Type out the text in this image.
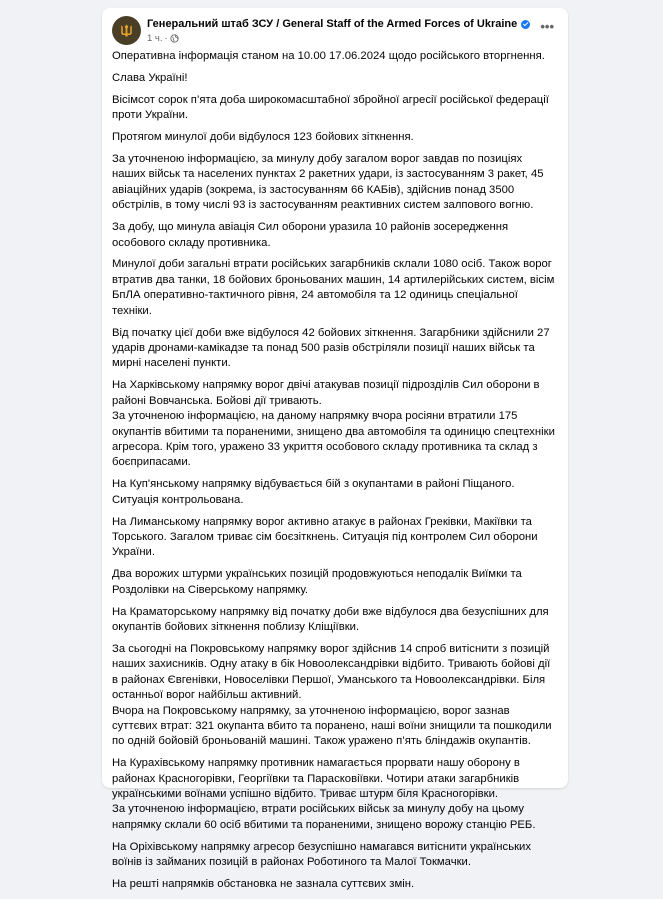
Генеральний штаб ЗСУ / General Staff of the Armed Forces of Ukraine
1 ч. ·
•••

Оперативна інформація станом на 10.00 17.06.2024 щодо російського вторгнення.

Слава Україні!

Вісімсот сорок п’ята доба широкомасштабної збройної агресії російської федерації проти України.

Протягом минулої доби відбулося 123 бойових зіткнення.

За уточненою інформацією, за минулу добу загалом ворог завдав по позиціях наших військ та населених пунктах 2 ракетних удари, із застосуванням 3 ракет, 45 авіаційних ударів (зокрема, із застосуванням 66 КАБів), здійснив понад 3500 обстрілів, в тому числі 93 із застосуванням реактивних систем залпового вогню.

За добу, що минула авіація Сил оборони уразила 10 районів зосередження особового складу противника.

Минулої доби загальні втрати російських загарбників склали 1080 осіб. Також ворог втратив два танки, 18 бойових броньованих машин, 14 артилерійських систем, вісім БпЛА оперативно-тактичного рівня, 24 автомобіля та 12 одиниць спеціальної техніки.

Від початку цієї доби вже відбулося 42 бойових зіткнення. Загарбники здійснили 27 ударів дронами-камікадзе та понад 500 разів обстріляли позиції наших військ та мирні населені пункти.

На Харківському напрямку ворог двічі атакував позиції підрозділів Сил оборони в районі Вовчанська. Бойові дії тривають.
За уточненою інформацією, на даному напрямку вчора росіяни втратили 175 окупантів вбитими та пораненими, знищено два автомобіля та одиницю спецтехніки агресора. Крім того, уражено 33 укриття особового складу противника та склад з боєприпасами.

На Куп'янському напрямку відбувається бій з окупантами в районі Піщаного. Ситуація контрольована.

На Лиманському напрямку ворог активно атакує в районах Греківки, Макіївки та Торського. Загалом триває сім боєзіткнень. Ситуація під контролем Сил оборони України.

Два ворожих штурми українських позицій продовжуються неподалік Виїмки та Роздолівки на Сіверському напрямку.

На Краматорському напрямку від початку доби вже відбулося два безуспішних для окупантів бойових зіткнення поблизу Кліщіївки.

За сьогодні на Покровському напрямку ворог здійснив 14 спроб витіснити з позицій наших захисників. Одну атаку в бік Новоолександрівки відбито. Тривають бойові дії в районах Євгенівки, Новоселівки Першої, Уманського та Новоолександрівки. Біля останньої ворог найбільш активний.
Вчора на Покровському напрямку, за уточненою інформацією, ворог зазнав суттєвих втрат: 321 окупанта вбито та поранено, наші воїни знищили та пошкодили по одній бойовій броньованій машині. Також уражено п’ять бліндажів окупантів.

На Курахівському напрямку противник намагається прорвати нашу оборону в районах Красногорівки, Георгіївки та Парасковіївки. Чотири атаки загарбників українськими воїнами успішно відбито. Триває штурм біля Красногорівки.
За уточненою інформацією, втрати російських військ за минулу добу на цьому напрямку склали 60 осіб вбитими та пораненими, знищено ворожу станцію РЕБ.

На Оріхівському напрямку агресор безуспішно намагався витіснити українських воїнів із займаних позицій в районах Роботиного та Малої Токмачки.

На решті напрямків обстановка не зазнала суттєвих змін.
